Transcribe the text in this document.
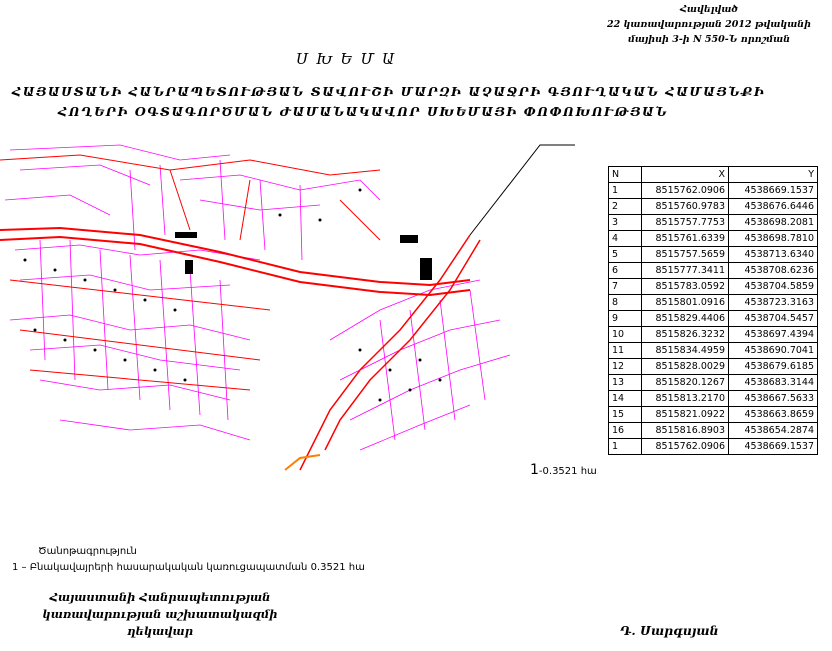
Հավելված
22 կառավարության 2012 թվականի
մայիսի 3-ի N 550-Ն որոշման
ՍԽԵՄԱ
ՀԱՅԱՍՏԱՆԻ ՀԱՆՐԱՊԵՏՈՒԹՅԱՆ ՏԱՎՈՒՇԻ ՄԱՐԶԻ ԱՉԱՋՐԻ ԳՅՈՒՂԱԿԱՆ ՀԱՄԱՅՆՔԻ
ՀՈՂԵՐԻ ՕԳՏԱԳՈՐԾՄԱՆ ԺԱՄԱՆԱԿԱՎՈՐ ՍԽԵՄԱՅԻ ՓՈՓՈԽՈՒԹՅԱՆ
N	X	Y
1	8515762.0906	4538669.1537
2	8515760.9783	4538676.6446
3	8515757.7753	4538698.2081
4	8515761.6339	4538698.7810
5	8515757.5659	4538713.6340
6	8515777.3411	4538708.6236
7	8515783.0592	4538704.5859
8	8515801.0916	4538723.3163
9	8515829.4406	4538704.5457
10	8515826.3232	4538697.4394
11	8515834.4959	4538690.7041
12	8515828.0029	4538679.6185
13	8515820.1267	4538683.3144
14	8515813.2170	4538667.5633
15	8515821.0922	4538663.8659
16	8515816.8903	4538654.2874
1	8515762.0906	4538669.1537
1-0.3521 հա
Ծանոթագրություն
1 – Բնակավայրերի հասարակական կառուցապատման 0.3521 հա
Հայաստանի Հանրապետության
կառավարության աշխատակազմի
ղեկավար	Դ. Սարգսյան
